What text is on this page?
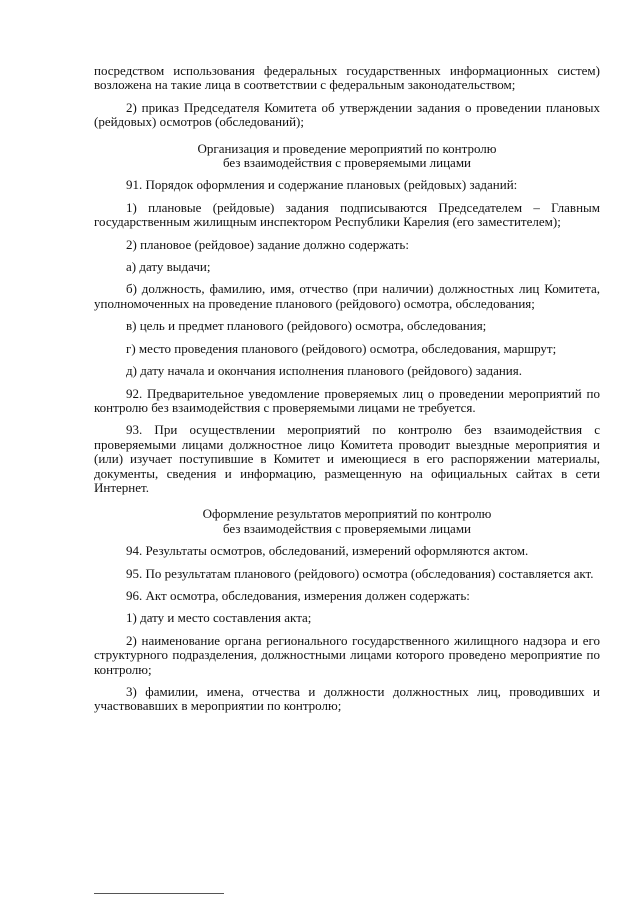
посредством использования федеральных государственных информационных систем) возложена на такие лица в соответствии с федеральным законодательством;

2) приказ Председателя Комитета об утверждении задания о проведении плановых (рейдовых) осмотров (обследований);

Организация и проведение мероприятий по контролю
без взаимодействия с проверяемыми лицами

91. Порядок оформления и содержание плановых (рейдовых) заданий:

1) плановые (рейдовые) задания подписываются Председателем – Главным государственным жилищным инспектором Республики Карелия (его заместителем);

2) плановое (рейдовое) задание должно содержать:

а) дату выдачи;

б) должность, фамилию, имя, отчество (при наличии) должностных лиц Комитета, уполномоченных на проведение планового (рейдового) осмотра, обследования;

в) цель и предмет планового (рейдового) осмотра, обследования;

г) место проведения планового (рейдового) осмотра, обследования, маршрут;

д) дату начала и окончания исполнения планового (рейдового) задания.

92. Предварительное уведомление проверяемых лиц о проведении мероприятий по контролю без взаимодействия с проверяемыми лицами не требуется.

93. При осуществлении мероприятий по контролю без взаимодействия с проверяемыми лицами должностное лицо Комитета проводит выездные мероприятия и (или) изучает поступившие в Комитет и имеющиеся в его распоряжении материалы, документы, сведения и информацию, размещенную на официальных сайтах в сети Интернет.

Оформление результатов мероприятий по контролю
без взаимодействия с проверяемыми лицами

94. Результаты осмотров, обследований, измерений оформляются актом.

95. По результатам планового (рейдового) осмотра (обследования) составляется акт.

96. Акт осмотра, обследования, измерения должен содержать:

1) дату и место составления акта;

2) наименование органа регионального государственного жилищного надзора и его структурного подразделения, должностными лицами которого проведено мероприятие по контролю;

3) фамилии, имена, отчества и должности должностных лиц, проводивших и участвовавших в мероприятии по контролю;
